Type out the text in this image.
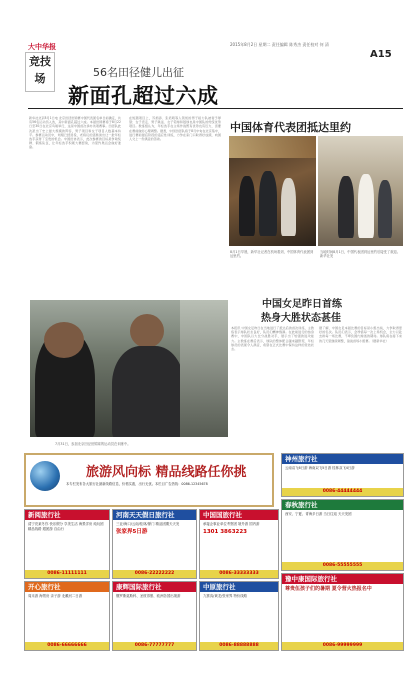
大中华报
竞技
场
2015年8月2日 星期二 责任编辑 陈秀杰 责任校对 何 清
A15
56名田径健儿出征
新面孔超过六成
新华社北京8月1日电 北京田径世锦赛中国代表团名单日前确定，共有56名运动员入选，其中新面孔超过六成。本届世锦赛将于8月22日至30日在北京鸟巢举行，这是中国首次承办该项赛事。田径队此次派出了史上最大规模的阵容，男子项目和女子项目人数基本持平。参赛运动员中，刘翔已经退役，老将们的逐渐淡出让一批年轻选手获得了宝贵的机会。中国田协表示，此次参赛的目标是争取奖牌、锻炼队伍，让年轻选手积累大赛经验，为里约奥运会做好准备。
在短跑项目上，苏炳添、张培萌等人领衔的男子接力队被寄予厚望；女子竞走、男子跳远、女子铅球和链球也是中国队的传统优势项目。教练组认为，年轻选手在主场作战既有优势也有压力，需要在赛前做好心理调整。据悉，中国田径队将于8月中旬在北京集中，进行赛前最后阶段的适应性训练，力争在家门口取得好成绩，向国人交上一份满意的答卷。
中国体育代表团抵达里约
8月1日早晨，新华社记者在机场看到，中国体育代表团到达里约。
当地时间8月1日，中国代表团到达里约后接受了欢迎。 新华社发
7月31日，参加北京田径世锦赛的运动员在训练中。
中国女足昨日首练
热身大胜状态甚佳
本报讯 中国女足昨日在当地进行了抵达后的首次训练，主教练表示球队状态良好，队员们精神饱满。在此前进行的热身赛中，中国队以大比分战胜对手，展示出了较强的进攻能力。主教练在赛后表示，球队的整体配合越来越默契，年轻球员的表现令人满意，希望在正式比赛中保持这样的竞技状态。
据了解，中国女足本届比赛的目标是小组出线，力争取得更好的名次。队员们表示，会珍惜每一次上场机会，全力以赴去拼每一场比赛，不辜负国内球迷的期待。球队将在接下来的几天里继续调整，备战首场小组赛。（据新华社）
旅游风向标 精品线路任你挑
本专栏发布各大旅行社最新线路信息，价格实惠，出行无忧。本栏目广告热线：0086-12345678
新阅旅行社
清宁亮莱冬你 快乐假分 享美生活 海景洋房 纯玩团 精品线路 跟团游 自由行
0086-11111111
河南天天假日旅行社
三亚/海口/云南/桂林/厦门 精品团期天天发
张家界5日游
0086-22222222
中国国旅行社
承接企事业单位考察团 境外游 国内游
1301 3863223
0086-33333333
神州旅行社
云南双飞6日游 海南双飞5日游 桂林双飞4日游
0086-44444444
春秋旅行社
西安、宁夏、青海多日游 当日往返 天天发团
0086-55555555
开心旅行社
周末游 海景房 亲子游 北戴河二日游
0086-66666666
康辉国际旅行社
俄罗斯莫斯科、圣彼得堡、欧洲各国出境游
0086-77777777
中原旅行社
九寨沟/黄龙/张家界 特价线路
0086-88888888
豫中康国际旅行社
尊贵伍孩子们的暑期 夏令营火热报名中
0086-99999999
